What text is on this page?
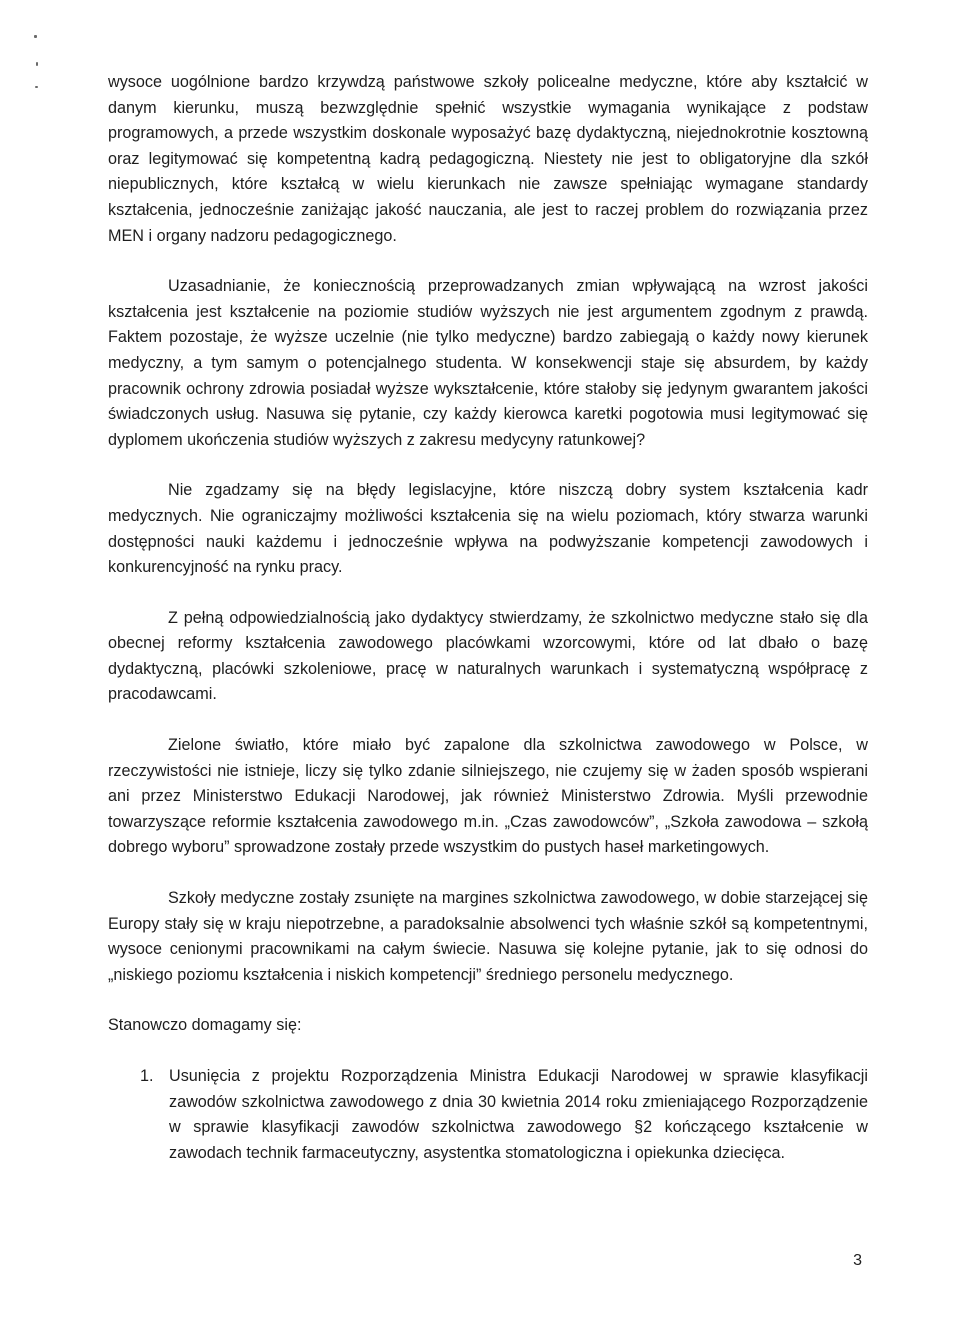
wysoce uogólnione bardzo krzywdzą państwowe szkoły policealne medyczne, które aby kształcić w danym kierunku, muszą bezwzględnie spełnić wszystkie wymagania wynikające z podstaw programowych, a przede wszystkim doskonale wyposażyć bazę dydaktyczną, niejednokrotnie kosztowną oraz legitymować się kompetentną kadrą pedagogiczną. Niestety nie jest to obligatoryjne dla szkół niepublicznych, które kształcą w wielu kierunkach nie zawsze spełniając wymagane standardy kształcenia, jednocześnie zaniżając jakość nauczania, ale jest to raczej problem do rozwiązania przez MEN i organy nadzoru pedagogicznego.

Uzasadnianie, że koniecznością przeprowadzanych zmian wpływającą na wzrost jakości kształcenia jest kształcenie na poziomie studiów wyższych nie jest argumentem zgodnym z prawdą. Faktem pozostaje, że wyższe uczelnie (nie tylko medyczne) bardzo zabiegają o każdy nowy kierunek medyczny, a tym samym o potencjalnego studenta. W konsekwencji staje się absurdem, by każdy pracownik ochrony zdrowia posiadał wyższe wykształcenie, które stałoby się jedynym gwarantem jakości świadczonych usług. Nasuwa się pytanie, czy każdy kierowca karetki pogotowia musi legitymować się dyplomem ukończenia studiów wyższych z zakresu medycyny ratunkowej?

Nie zgadzamy się na błędy legislacyjne, które niszczą dobry system kształcenia kadr medycznych. Nie ograniczajmy możliwości kształcenia się na wielu poziomach, który stwarza warunki dostępności nauki każdemu i jednocześnie wpływa na podwyższanie kompetencji zawodowych i konkurencyjność na rynku pracy.

Z pełną odpowiedzialnością jako dydaktycy stwierdzamy, że szkolnictwo medyczne stało się dla obecnej reformy kształcenia zawodowego placówkami wzorcowymi, które od lat dbało o bazę dydaktyczną, placówki szkoleniowe, pracę w naturalnych warunkach i systematyczną współpracę z pracodawcami.

Zielone światło, które miało być zapalone dla szkolnictwa zawodowego w Polsce, w rzeczywistości nie istnieje, liczy się tylko zdanie silniejszego, nie czujemy się w żaden sposób wspierani ani przez Ministerstwo Edukacji Narodowej, jak również Ministerstwo Zdrowia. Myśli przewodnie towarzyszące reformie kształcenia zawodowego m.in. „Czas zawodowców”, „Szkoła zawodowa – szkołą dobrego wyboru” sprowadzone zostały przede wszystkim do pustych haseł marketingowych.

Szkoły medyczne zostały zsunięte na margines szkolnictwa zawodowego, w dobie starzejącej się Europy stały się w kraju niepotrzebne, a paradoksalnie absolwenci tych właśnie szkół są kompetentnymi, wysoce cenionymi pracownikami na całym świecie. Nasuwa się kolejne pytanie, jak to się odnosi do „niskiego poziomu kształcenia i niskich kompetencji” średniego personelu medycznego.

Stanowczo domagamy się:

1. Usunięcia z projektu Rozporządzenia Ministra Edukacji Narodowej w sprawie klasyfikacji zawodów szkolnictwa zawodowego z dnia 30 kwietnia 2014 roku zmieniającego Rozporządzenie w sprawie klasyfikacji zawodów szkolnictwa zawodowego §2 kończącego kształcenie w zawodach technik farmaceutyczny, asystentka stomatologiczna i opiekunka dziecięca.

3
